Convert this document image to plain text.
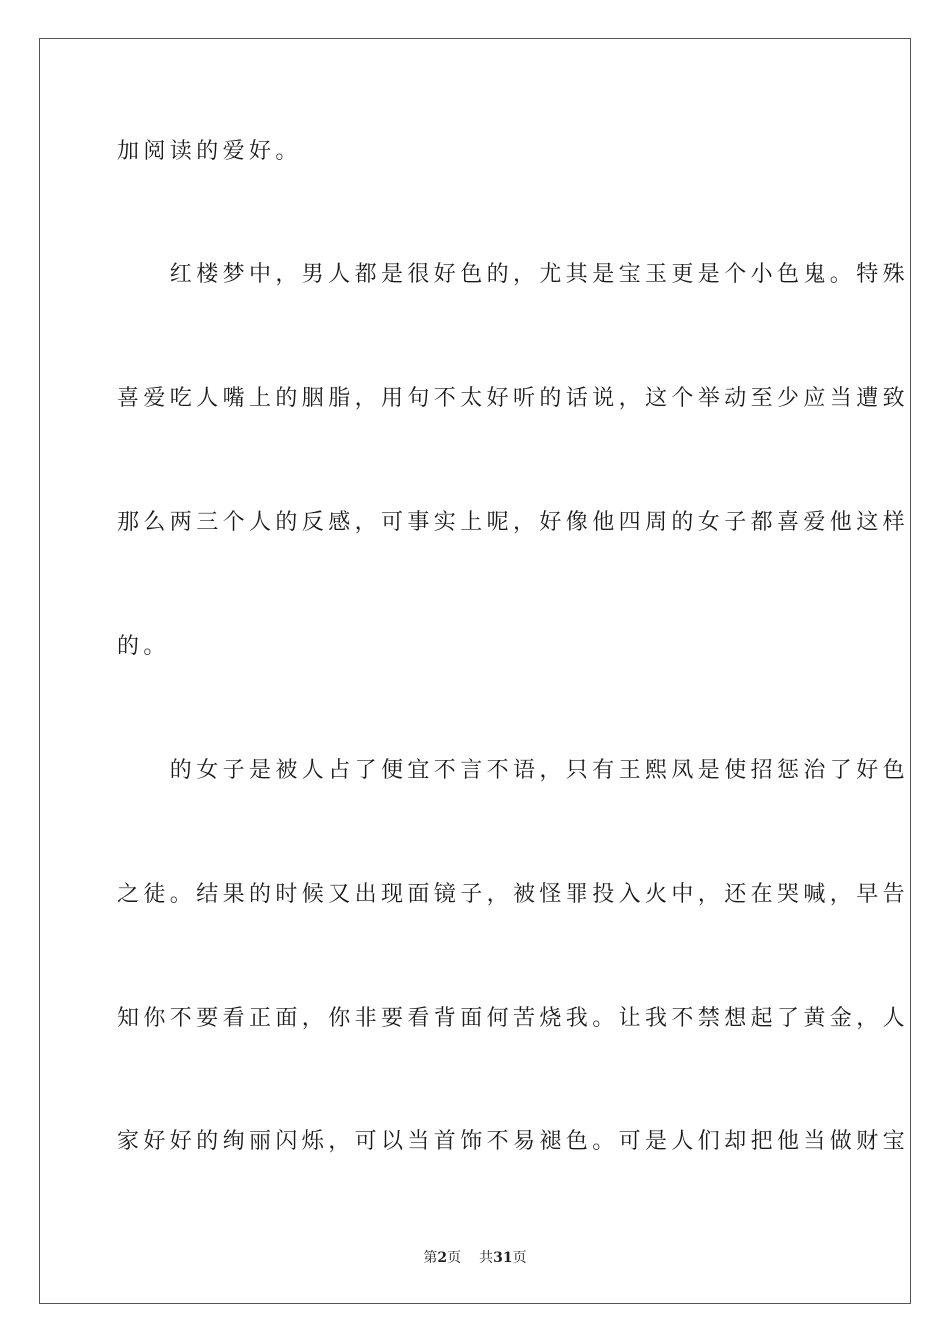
加阅读的爱好。
　　红楼梦中，男人都是很好色的，尤其是宝玉更是个小色鬼。特殊
喜爱吃人嘴上的胭脂，用句不太好听的话说，这个举动至少应当遭致
那么两三个人的反感，可事实上呢，好像他四周的女子都喜爱他这样
的。
　　的女子是被人占了便宜不言不语，只有王熙凤是使招惩治了好色
之徒。结果的时候又出现面镜子，被怪罪投入火中，还在哭喊，早告
知你不要看正面，你非要看背面何苦烧我。让我不禁想起了黄金，人
家好好的绚丽闪烁，可以当首饰不易褪色。可是人们却把他当做财宝
第2页 共31页
